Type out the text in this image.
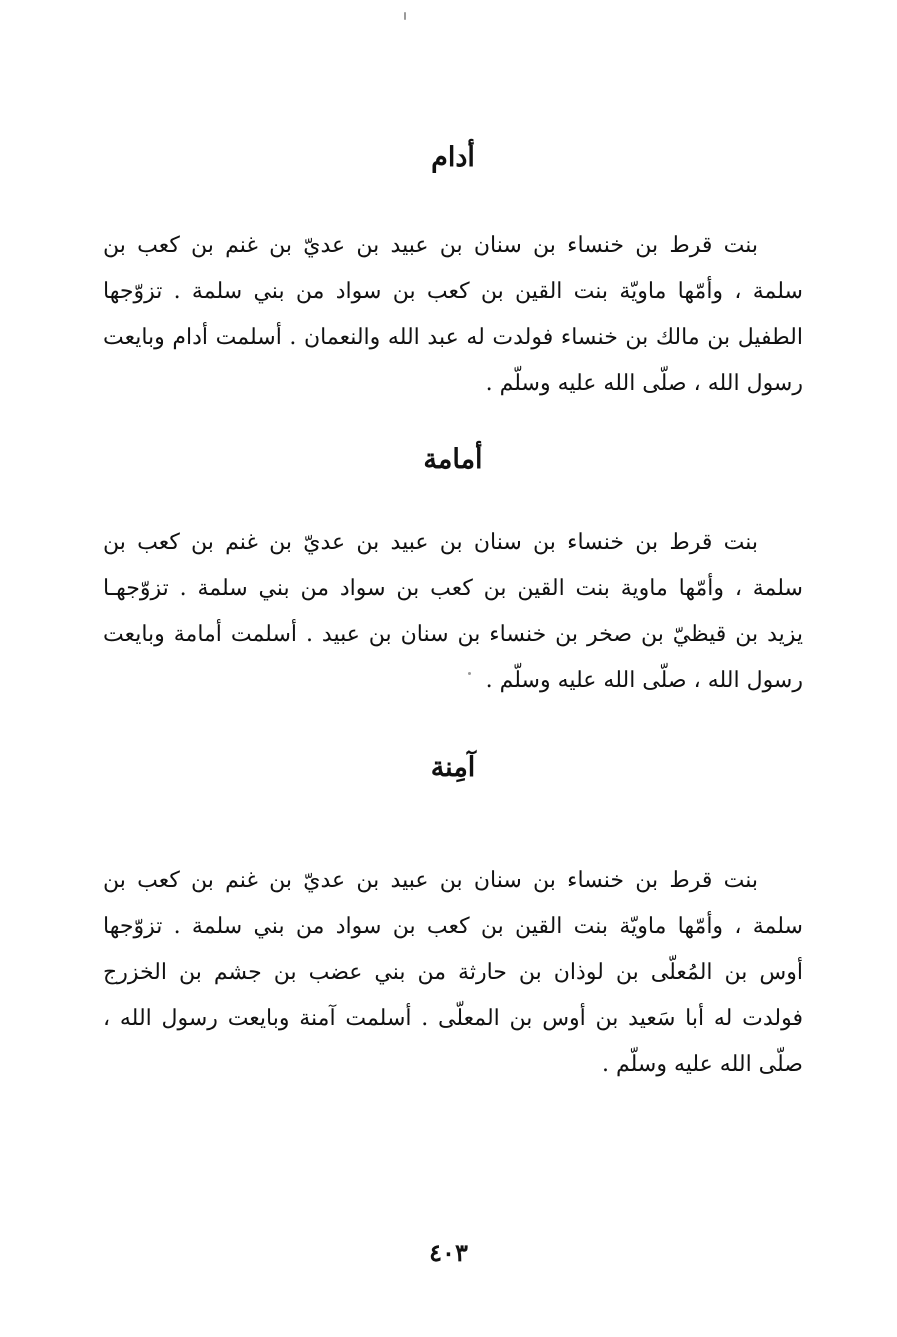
أدام
بنت قرط بن خنساء بن سنان بن عبيد بن عديّ بن غنم بن كعب بن
سلمة ، وأمّها ماويّة بنت القين بن كعب بن سواد من بني سلمة . تزوّجها
الطفيل بن مالك بن خنساء فولدت له عبد الله والنعمان . أسلمت أدام وبايعت
رسول الله ، صلّى الله عليه وسلّم .
أمامة
بنت قرط بن خنساء بن سنان بن عبيد بن عديّ بن غنم بن كعب بن
سلمة ، وأمّها ماوية بنت القين بن كعب بن سواد من بني سلمة . تزوّجهـا
يزيد بن قيظيّ بن صخر بن خنساء بن سنان بن عبيد . أسلمت أمامة وبايعت
رسول الله ، صلّى الله عليه وسلّم .
آمِنة
بنت قرط بن خنساء بن سنان بن عبيد بن عديّ بن غنم بن كعب بن
سلمة ، وأمّها ماويّة بنت القين بن كعب بن سواد من بني سلمة . تزوّجها
أوس بن المُعلّى بن لوذان بن حارثة من بني عضب بن جشم بن الخزرج
فولدت له أبا سَعيد بن أوس بن المعلّى . أسلمت آمنة وبايعت رسول الله ،
صلّى الله عليه وسلّم .
٤٠٣
